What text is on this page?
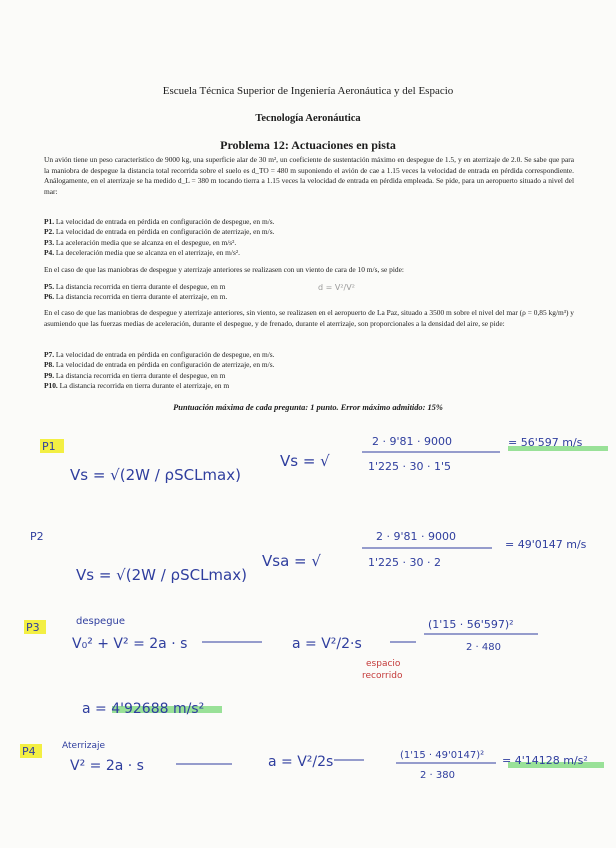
Escuela Técnica Superior de Ingeniería Aeronáutica y del Espacio
Tecnología Aeronáutica
Problema 12: Actuaciones en pista
Un avión tiene un peso característico de 9000 kg, una superficie alar de 30 m², un coeficiente de sustentación máximo en despegue de 1.5, y en aterrizaje de 2.0. Se sabe que para la maniobra de despegue la distancia total recorrida sobre el suelo es d_TO = 480 m suponiendo el avión de cae a 1.15 veces la velocidad de entrada en pérdida correspondiente. Análogamente, en el aterrizaje se ha medido d_L = 380 m tocando tierra a 1.15 veces la velocidad de entrada en pérdida empleada. Se pide, para un aeropuerto situado a nivel del mar:
P1. La velocidad de entrada en pérdida en configuración de despegue, en m/s.
P2. La velocidad de entrada en pérdida en configuración de aterrizaje, en m/s.
P3. La aceleración media que se alcanza en el despegue, en m/s².
P4. La deceleración media que se alcanza en el aterrizaje, en m/s².
En el caso de que las maniobras de despegue y aterrizaje anteriores se realizasen con un viento de cara de 10 m/s, se pide:
P5. La distancia recorrida en tierra durante el despegue, en m
P6. La distancia recorrida en tierra durante el aterrizaje, en m.
En el caso de que las maniobras de despegue y aterrizaje anteriores, sin viento, se realizasen en el aeropuerto de La Paz, situado a 3500 m sobre el nivel del mar (ρ = 0,85 kg/m³) y asumiendo que las fuerzas medias de aceleración, durante el despegue, y de frenado, durante el aterrizaje, son proporcionales a la densidad del aire, se pide:
P7. La velocidad de entrada en pérdida en configuración de despegue, en m/s.
P8. La velocidad de entrada en pérdida en configuración de aterrizaje, en m/s.
P9. La distancia recorrida en tierra durante el despegue, en m
P10. La distancia recorrida en tierra durante el aterrizaje, en m
Puntuación máxima de cada pregunta: 1 punto. Error máximo admitido: 15%
d = V²/V²
P1
Vs = √(2W / ρSCLmax)
Vs = √
2 · 9'81 · 9000
1'225 · 30 · 1'5
= 56'597 m/s
P2
Vs = √(2W / ρSCLmax)
Vsa = √
2 · 9'81 · 9000
1'225 · 30 · 2
= 49'0147 m/s
P3	despegue
V₀² + V² = 2a · s	a = V²/2·s
(1'15 · 56'597)²
2 · 480
espacio
recorrido
a = 4'92688 m/s²
P4	Aterrizaje
V² = 2a · s	a = V²/2s	(1'15 · 49'0147)²
2 · 380
= 4'14128 m/s²
